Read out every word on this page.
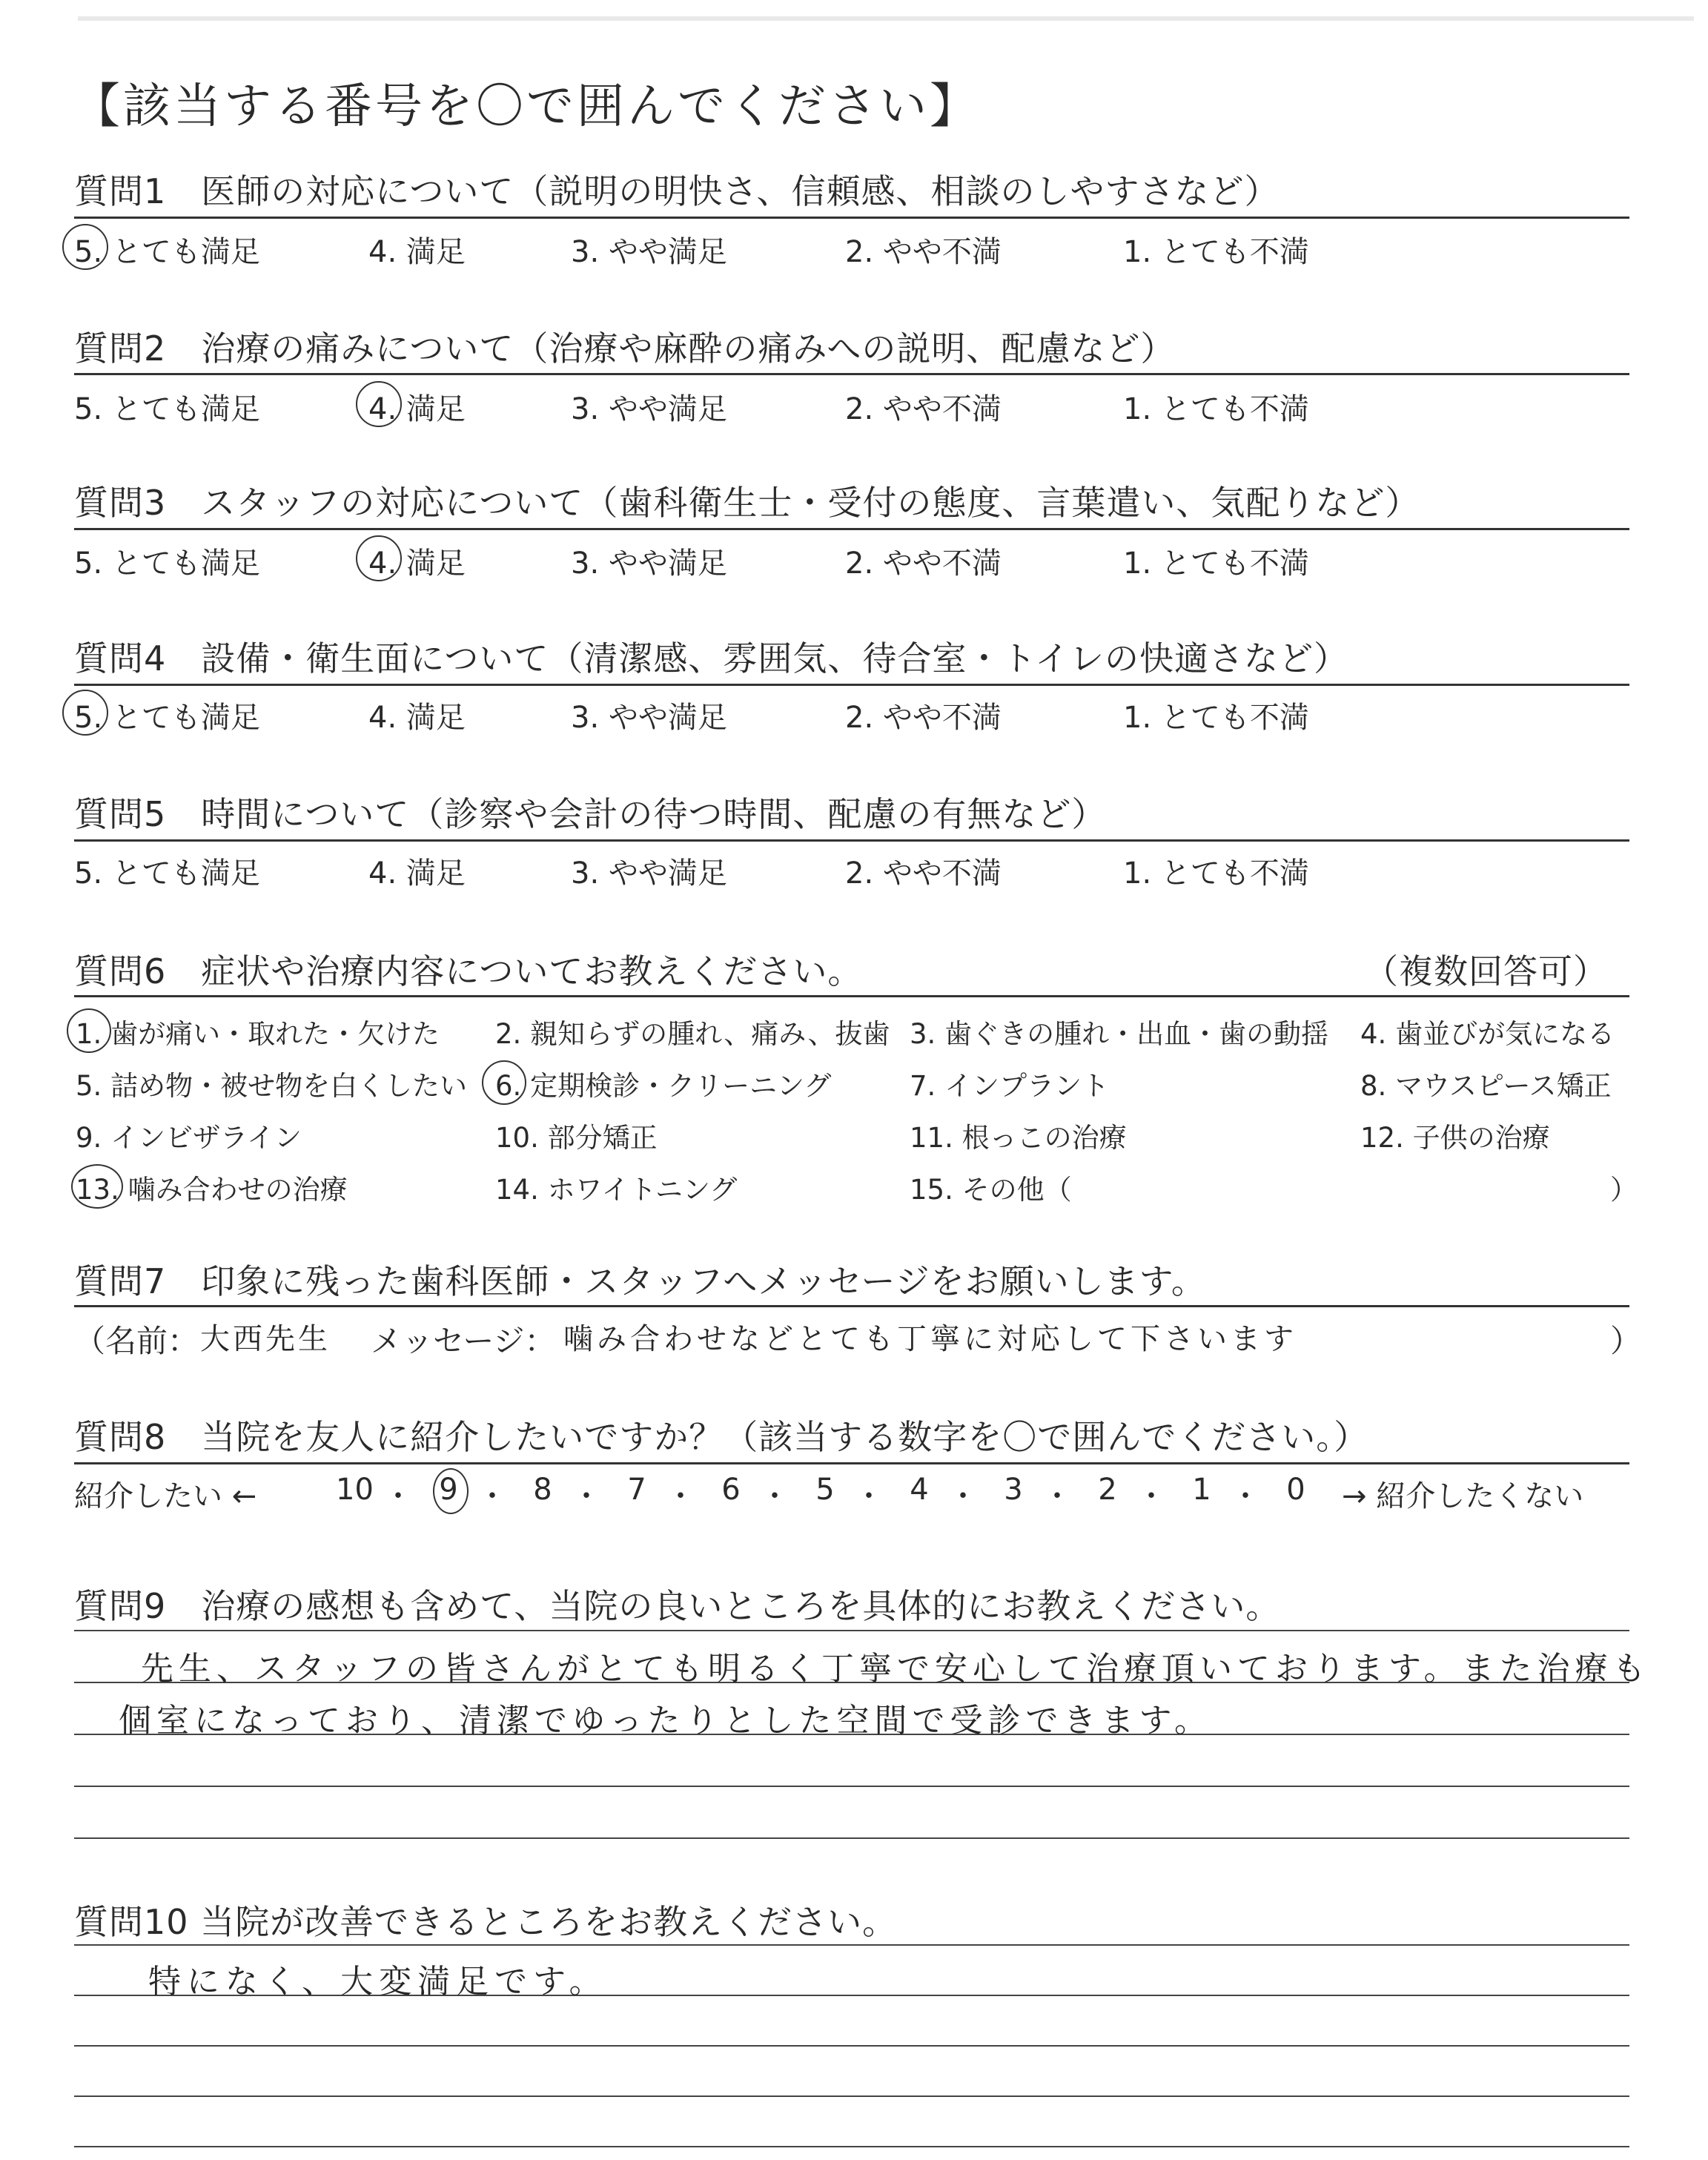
【該当する番号を〇で囲んでください】
質問1　医師の対応について（説明の明快さ、信頼感、相談のしやすさなど）
5. とても満足	4. 満足	3. やや満足	2. やや不満	1. とても不満
質問2　治療の痛みについて（治療や麻酔の痛みへの説明、配慮など）
5. とても満足	4. 満足	3. やや満足	2. やや不満	1. とても不満
質問3　スタッフの対応について（歯科衛生士・受付の態度、言葉遣い、気配りなど）
5. とても満足	4. 満足	3. やや満足	2. やや不満	1. とても不満
質問4　設備・衛生面について（清潔感、雰囲気、待合室・トイレの快適さなど）
5. とても満足	4. 満足	3. やや満足	2. やや不満	1. とても不満
質問5　時間について（診察や会計の待つ時間、配慮の有無など）
5. とても満足	4. 満足	3. やや満足	2. やや不満	1. とても不満
質問6　症状や治療内容についてお教えください。	（複数回答可）
1. 歯が痛い・取れた・欠けた 2. 親知らずの腫れ、痛み、抜歯 3. 歯ぐきの腫れ・出血・歯の動揺 4. 歯並びが気になる
5. 詰め物・被せ物を白くしたい 6. 定期検診・クリーニング	7. インプラント	8. マウスピース矯正
9. インビザライン	10. 部分矯正	11. 根っこの治療	12. 子供の治療
13. 噛み合わせの治療	14. ホワイトニング	15. その他（	）
質問7　印象に残った歯科医師・スタッフへメッセージをお願いします。
（名前： 大西先生 メッセージ： 噛み合わせなどとても丁寧に対応して下さいます	）
質問8　当院を友人に紹介したいですか？（該当する数字を〇で囲んでください。）
紹介したい ←	→ 紹介したくない
10 ・ 9 ・ 8 ・ 7 ・ 6 ・ 5 ・ 4 ・ 3 ・ 2 ・ 1 ・ 0
質問9　治療の感想も含めて、当院の良いところを具体的にお教えください。
先生、スタッフの皆さんがとても明るく丁寧で安心して治療頂いております。また治療も
個室になっており、清潔でゆったりとした空間で受診できます。
質問10 当院が改善できるところをお教えください。
特になく、大変満足です。
